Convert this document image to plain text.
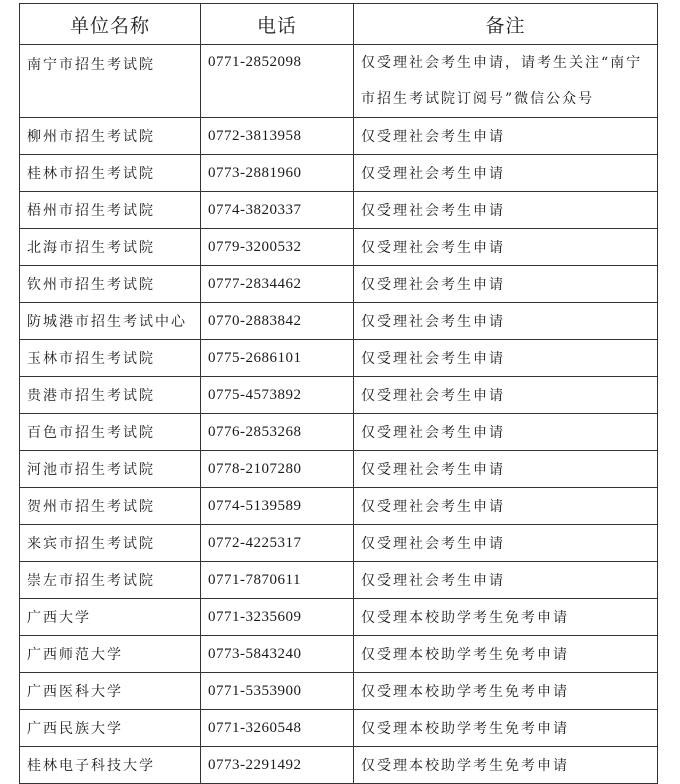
单位名称	电话	备注

南宁市招生考试院	0771-2852098	仅受理社会考生申请，请考生关注“南宁市招生考试院订阅号”微信公众号
柳州市招生考试院	0772-3813958	仅受理社会考生申请
桂林市招生考试院	0773-2881960	仅受理社会考生申请
梧州市招生考试院	0774-3820337	仅受理社会考生申请
北海市招生考试院	0779-3200532	仅受理社会考生申请
钦州市招生考试院	0777-2834462	仅受理社会考生申请
防城港市招生考试中心	0770-2883842	仅受理社会考生申请
玉林市招生考试院	0775-2686101	仅受理社会考生申请
贵港市招生考试院	0775-4573892	仅受理社会考生申请
百色市招生考试院	0776-2853268	仅受理社会考生申请
河池市招生考试院	0778-2107280	仅受理社会考生申请
贺州市招生考试院	0774-5139589	仅受理社会考生申请
来宾市招生考试院	0772-4225317	仅受理社会考生申请
崇左市招生考试院	0771-7870611	仅受理社会考生申请
广西大学	0771-3235609	仅受理本校助学考生免考申请
广西师范大学	0773-5843240	仅受理本校助学考生免考申请
广西医科大学	0771-5353900	仅受理本校助学考生免考申请
广西民族大学	0771-3260548	仅受理本校助学考生免考申请
桂林电子科技大学	0773-2291492	仅受理本校助学考生免考申请
